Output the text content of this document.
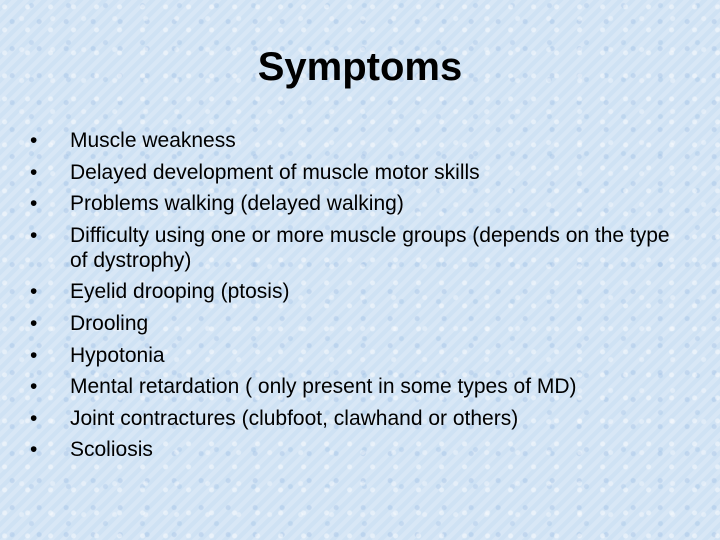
Symptoms
•	Muscle weakness
•	Delayed development of muscle motor skills
•	Problems walking (delayed walking)
•	Difficulty using one or more muscle groups (depends on the type of dystrophy)
•	Eyelid drooping (ptosis)
•	Drooling
•	Hypotonia
•	Mental retardation ( only present in some types of MD)
•	Joint contractures (clubfoot, clawhand or others)
•	Scoliosis
